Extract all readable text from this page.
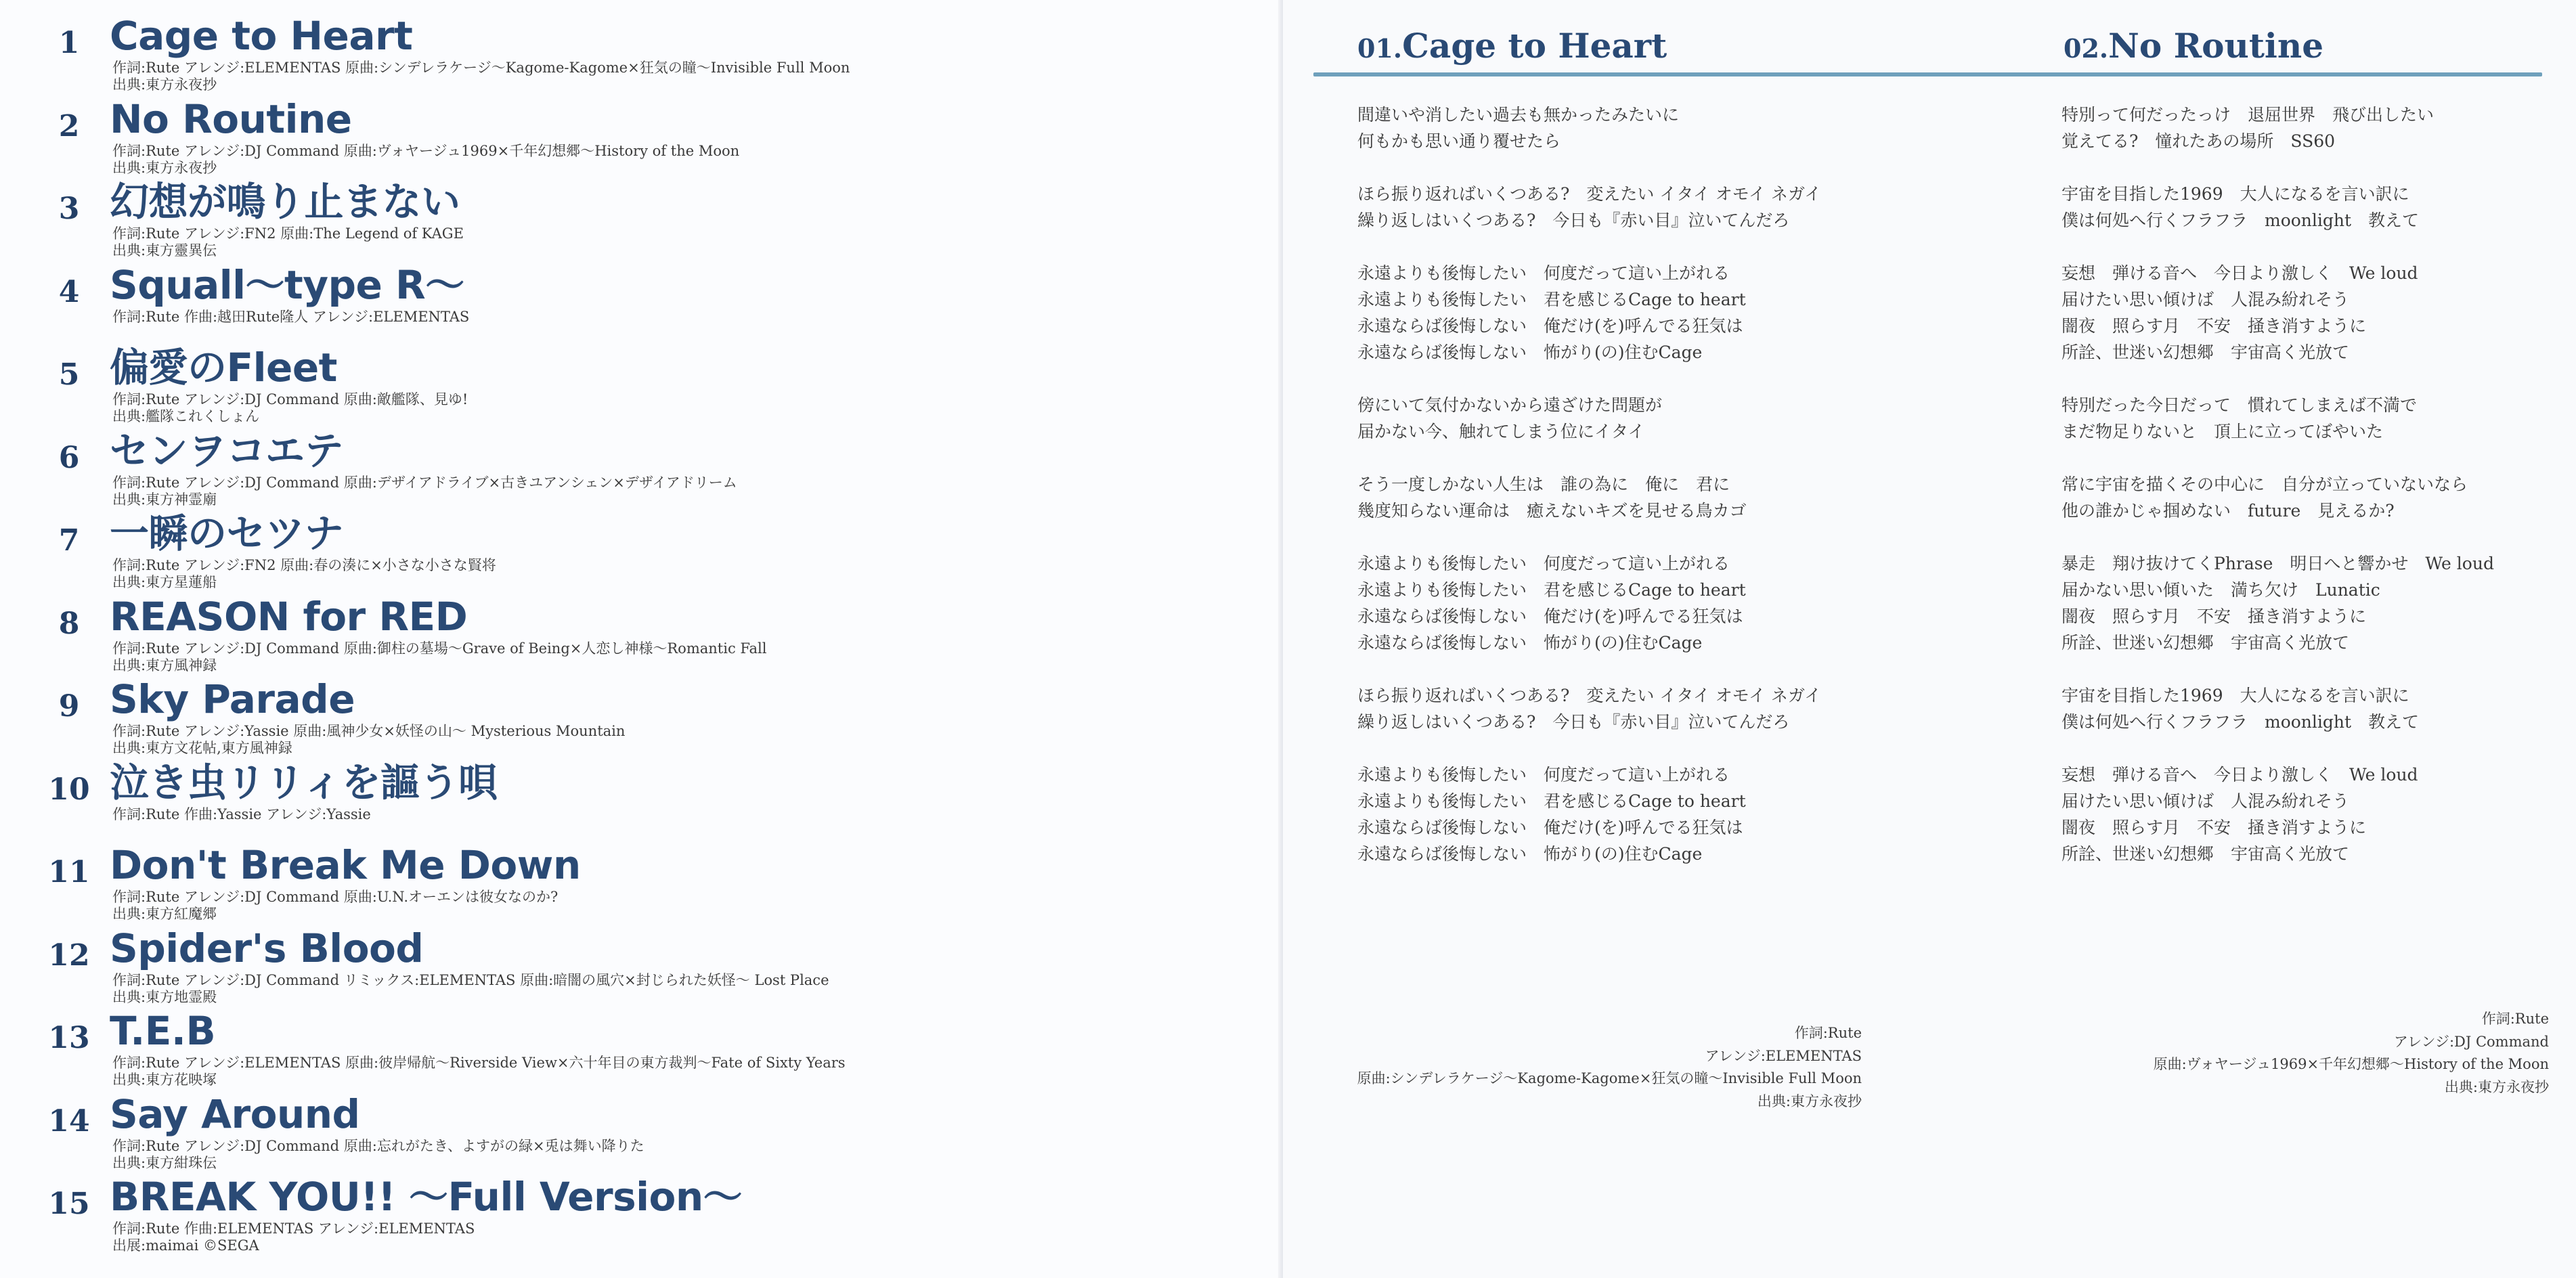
1 Cage to Heart
作詞:Rute アレンジ:ELEMENTAS 原曲:シンデレラケージ〜Kagome-Kagome×狂気の瞳〜Invisible Full Moon
出典:東方永夜抄
2 No Routine
作詞:Rute アレンジ:DJ Command 原曲:ヴォヤージュ1969×千年幻想郷〜History of the Moon
出典:東方永夜抄
3 幻想が鳴り止まない
作詞:Rute アレンジ:FN2 原曲:The Legend of KAGE
出典:東方靈異伝
4 Squall〜type R〜
作詞:Rute 作曲:越田Rute隆人 アレンジ:ELEMENTAS
5 偏愛のFleet
作詞:Rute アレンジ:DJ Command 原曲:敵艦隊、見ゆ!
出典:艦隊これくしょん
6 センヲコエテ
作詞:Rute アレンジ:DJ Command 原曲:デザイアドライブ×古きユアンシェン×デザイアドリーム
出典:東方神霊廟
7 一瞬のセツナ
作詞:Rute アレンジ:FN2 原曲:春の湊に×小さな小さな賢将
出典:東方星蓮船
8 REASON for RED
作詞:Rute アレンジ:DJ Command 原曲:御柱の墓場〜Grave of Being×人恋し神様〜Romantic Fall
出典:東方風神録
9 Sky Parade
作詞:Rute アレンジ:Yassie 原曲:風神少女×妖怪の山〜 Mysterious Mountain
出典:東方文花帖,東方風神録
10 泣き虫リリィを謳う唄
作詞:Rute 作曲:Yassie アレンジ:Yassie
11 Don't Break Me Down
作詞:Rute アレンジ:DJ Command 原曲:U.N.オーエンは彼女なのか?
出典:東方紅魔郷
12 Spider's Blood
作詞:Rute アレンジ:DJ Command リミックス:ELEMENTAS 原曲:暗闇の風穴×封じられた妖怪〜 Lost Place
出典:東方地霊殿
13 T.E.B
作詞:Rute アレンジ:ELEMENTAS 原曲:彼岸帰航〜Riverside View×六十年目の東方裁判〜Fate of Sixty Years
出典:東方花映塚
14 Say Around
作詞:Rute アレンジ:DJ Command 原曲:忘れがたき、よすがの緑×兎は舞い降りた
出典:東方紺珠伝
15 BREAK YOU!! 〜Full Version〜
作詞:Rute 作曲:ELEMENTAS アレンジ:ELEMENTAS
出展:maimai ©SEGA
01.Cage to Heart	02.No Routine
間違いや消したい過去も無かったみたいに
何もかも思い通り覆せたら
ほら振り返ればいくつある?　変えたい イタイ オモイ ネガイ
繰り返しはいくつある?　今日も『赤い目』泣いてんだろ
永遠よりも後悔したい　何度だって這い上がれる
永遠よりも後悔したい　君を感じるCage to heart
永遠ならば後悔しない　俺だけ(を)呼んでる狂気は
永遠ならば後悔しない　怖がり(の)住むCage
傍にいて気付かないから遠ざけた問題が
届かない今、触れてしまう位にイタイ
そう一度しかない人生は　誰の為に　俺に　君に
幾度知らない運命は　癒えないキズを見せる鳥カゴ
永遠よりも後悔したい　何度だって這い上がれる
永遠よりも後悔したい　君を感じるCage to heart
永遠ならば後悔しない　俺だけ(を)呼んでる狂気は
永遠ならば後悔しない　怖がり(の)住むCage
ほら振り返ればいくつある?　変えたい イタイ オモイ ネガイ
繰り返しはいくつある?　今日も『赤い目』泣いてんだろ
永遠よりも後悔したい　何度だって這い上がれる
永遠よりも後悔したい　君を感じるCage to heart
永遠ならば後悔しない　俺だけ(を)呼んでる狂気は
永遠ならば後悔しない　怖がり(の)住むCage
特別って何だったっけ　退屈世界　飛び出したい
覚えてる?　憧れたあの場所　SS60
宇宙を目指した1969　大人になるを言い訳に
僕は何処へ行くフラフラ　moonlight　教えて
妄想　弾ける音へ　今日より激しく　We loud
届けたい思い傾けば　人混み紛れそう
闇夜　照らす月　不安　掻き消すように
所詮、世迷い幻想郷　宇宙高く光放て
特別だった今日だって　慣れてしまえば不満で
まだ物足りないと　頂上に立ってぼやいた
常に宇宙を描くその中心に　自分が立っていないなら
他の誰かじゃ掴めない　future　見えるか?
暴走　翔け抜けてくPhrase　明日へと響かせ　We loud
届かない思い傾いた　満ち欠け　Lunatic
闇夜　照らす月　不安　掻き消すように
所詮、世迷い幻想郷　宇宙高く光放て
宇宙を目指した1969　大人になるを言い訳に
僕は何処へ行くフラフラ　moonlight　教えて
妄想　弾ける音へ　今日より激しく　We loud
届けたい思い傾けば　人混み紛れそう
闇夜　照らす月　不安　掻き消すように
所詮、世迷い幻想郷　宇宙高く光放て
作詞:Rute
アレンジ:ELEMENTAS
原曲:シンデレラケージ〜Kagome-Kagome×狂気の瞳〜Invisible Full Moon
出典:東方永夜抄
作詞:Rute
アレンジ:DJ Command
原曲:ヴォヤージュ1969×千年幻想郷〜History of the Moon
出典:東方永夜抄
